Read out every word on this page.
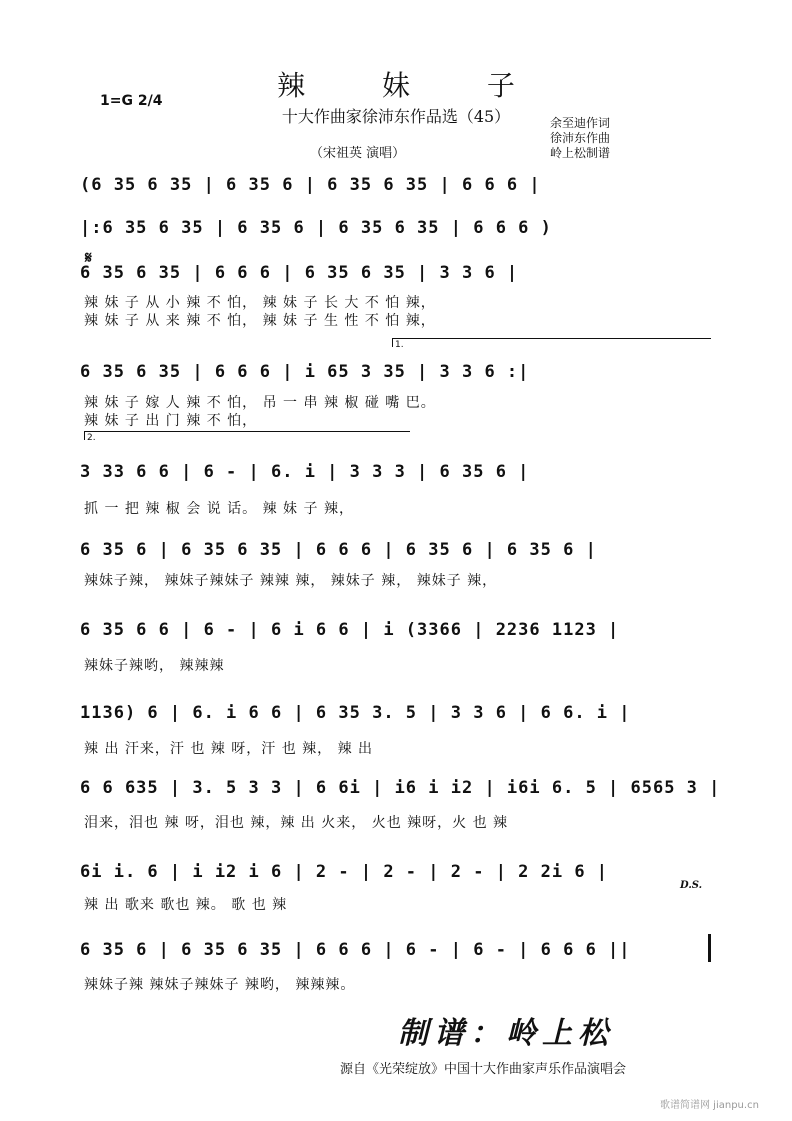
辣 妹 子
十大作曲家徐沛东作品选（45）
1=G 2/4
余至迪作词
徐沛东作曲
岭上松制谱
（宋祖英 演唱）
𝄋
(6 35 6 35 | 6 35 6 | 6 35 6 35 | 6 6 6 |
|:6 35 6 35 | 6 35 6 | 6 35 6 35 | 6 6 6 )
6 35 6 35 | 6 6 6 | 6 35 6 35 | 3 3 6 |
辣 妹 子 从 小 辣 不 怕， 辣 妹 子 长 大 不 怕 辣，
辣 妹 子 从 来 辣 不 怕， 辣 妹 子 生 性 不 怕 辣，
1.
6 35 6 35 | 6 6 6 | i 65 3 35 | 3 3 6 :|
辣 妹 子 嫁 人 辣 不 怕， 吊 一 串 辣 椒 碰 嘴 巴。
辣 妹 子 出 门 辣 不 怕，
2.
3 33 6 6 | 6 - | 6. i | 3 3 3 | 6 35 6 |
抓 一 把 辣 椒 会 说 话。 辣 妹 子 辣，
6 35 6 | 6 35 6 35 | 6 6 6 | 6 35 6 | 6 35 6 |
辣妹子辣， 辣妹子辣妹子 辣辣 辣， 辣妹子 辣， 辣妹子 辣，
6 35 6 6 | 6 - | 6 i 6 6 | i (3366 | 2236 1123 |
辣妹子辣哟， 辣辣辣
1136) 6 | 6. i 6 6 | 6 35 3. 5 | 3 3 6 | 6 6. i |
辣 出 汗来，汗 也 辣 呀，汗 也 辣， 辣 出
6 6 635 | 3. 5 3 3 | 6 6i | i6 i i2 | i6i 6. 5 | 6565 3 |
泪来，泪也 辣 呀，泪也 辣，辣 出 火来， 火也 辣呀，火 也 辣
6i i. 6 | i i2 i 6 | 2 - | 2 - | 2 - | 2 2i 6 |
D.S.
辣 出 歌来 歌也 辣。 歌 也 辣
6 35 6 | 6 35 6 35 | 6 6 6 | 6 - | 6 - | 6 6 6 ||
辣妹子辣 辣妹子辣妹子 辣哟， 辣辣辣。
制谱：岭上松
源自《光荣绽放》中国十大作曲家声乐作品演唱会
歌谱简谱网 jianpu.cn
